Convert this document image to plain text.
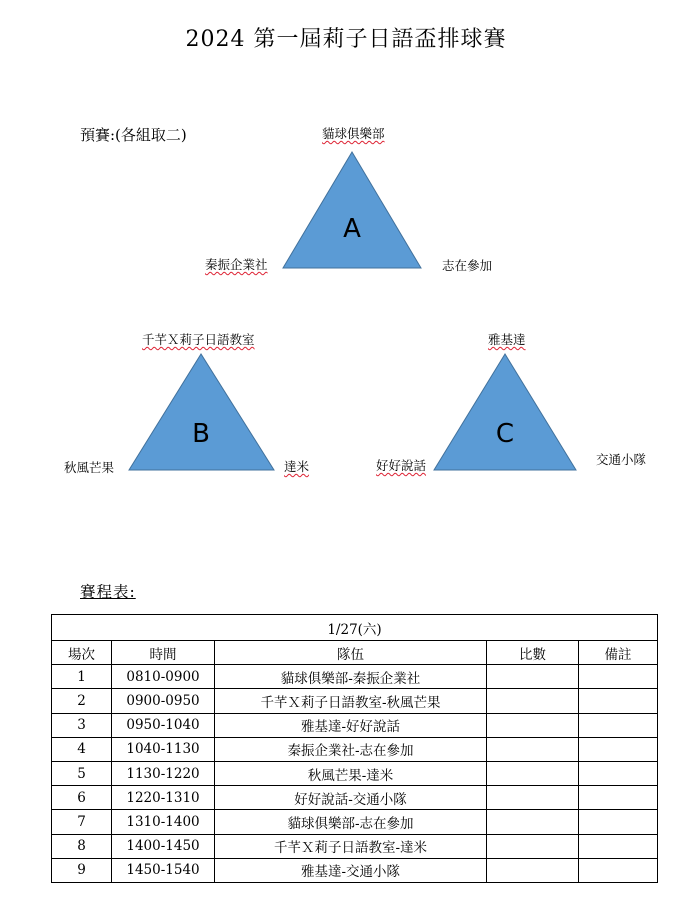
2024 第一屆莉子日語盃排球賽
預賽:(各組取二)
A
B	C
貓球俱樂部
秦振企業社	志在參加
千芊Ｘ莉子日語教室
秋風芒果	達米
雅基達
好好說話	交通小隊
賽程表:
1/27(六)				
場次	時間	隊伍	比數	備註
1	0810-0900	貓球俱樂部-秦振企業社		
2	0900-0950	千芊Ｘ莉子日語教室-秋風芒果		
3	0950-1040	雅基達-好好說話		
4	1040-1130	秦振企業社-志在參加		
5	1130-1220	秋風芒果-達米		
6	1220-1310	好好說話-交通小隊		
7	1310-1400	貓球俱樂部-志在參加		
8	1400-1450	千芊Ｘ莉子日語教室-達米		
9	1450-1540	雅基達-交通小隊		
